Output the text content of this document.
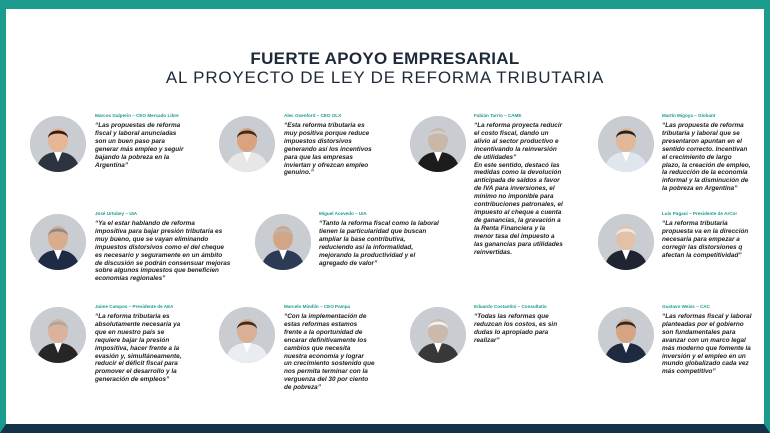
FUERTE APOYO EMPRESARIAL
AL PROYECTO DE LEY DE REFORMA TRIBUTARIA
Marcos Galperin – CEO Mercado Libre
“Las propuestas de reforma
fiscal y laboral anunciadas
son un buen paso para
generar más empleo y seguir
bajando la pobreza en la
Argentina”
Alec Oxenford – CEO OLX
“Esta reforma tributaria es
muy positiva porque reduce
impuestos distorsivos
generando así los incentivos
para que las empresas
inviertan y ofrezcan empleo
genuino.”
Fabián Tarrío – CAME
“La reforma proyecta reducir
el costo fiscal, dando un
alivio al sector productivo e
incentivando la reinversión
de utilidades”
En este sentido, destacó las
medidas como la devolución
anticipada de saldos a favor
de IVA para inversiones, el
mínimo no imponible para
contribuciones patronales, el
impuesto al cheque a cuenta
de ganancias, la gravación a
la Renta Financiera y la
menor tasa del impuesto a
las ganancias para utilidades
reinvertidas.
Martín Migoya – Globant
“Las propuesta de reforma
tributaria y laboral que se
presentaron apuntan en el
sentido correcto. Incentivan
el crecimiento de largo
plazo, la creación de empleo,
la reducción de la economía
informal y la disminución de
la pobreza en Argentina”
José Urtubey – UIA
“Ya el estar hablando de reforma
impositiva para bajar presión tributaria es
muy bueno, que se vayan eliminando
impuestos distorsivos como el del cheque
es necesario y seguramente en un ámbito
de discusión se podrán consensuar mejoras
sobre algunos impuestos que beneficien
economías regionales”
Miguel Acevedo – UIA
“Tanto la reforma fiscal como la laboral
tienen la particularidad que buscan
ampliar la base contributiva,
reduciendo así la informalidad,
mejorando la productividad y el
agregado de valor”
Luis Pagani – Presidente de ArCor
“La reforma tributaria
propuesta va en la dirección
necesaria para empezar a
corregir las distorsiones q
afectan la competitividad”
Jaime Campos – Presidente de AEA
“La reforma tributaria es
absolutamente necesaria ya
que en nuestro país se
requiere bajar la presión
impositiva, hacer frente a la
evasión y, simultáneamente,
reducir el déficit fiscal para
promover el desarrollo y la
generación de empleos”
Marcelo Mindlin – CEO Pampa
“Con la implementación de
estas reformas estamos
frente a la oportunidad de
encarar definitivamente los
cambios que necesita
nuestra economía y lograr
un crecimiento sostenido que
nos permita terminar con la
verguenza del 30 por ciento
de pobreza”
Eduardo Costantini – Consultatio
“Todas las reformas que
reduzcan los costos, es sin
dudas lo apropiado para
realizar”
Gustavo Weiss – CAC
“Las reformas fiscal y laboral
planteadas por el gobierno
son fundamentales para
avanzar con un marco legal
más moderno que fomente la
inversión y el empleo en un
mundo globalizado cada vez
más competitivo”
